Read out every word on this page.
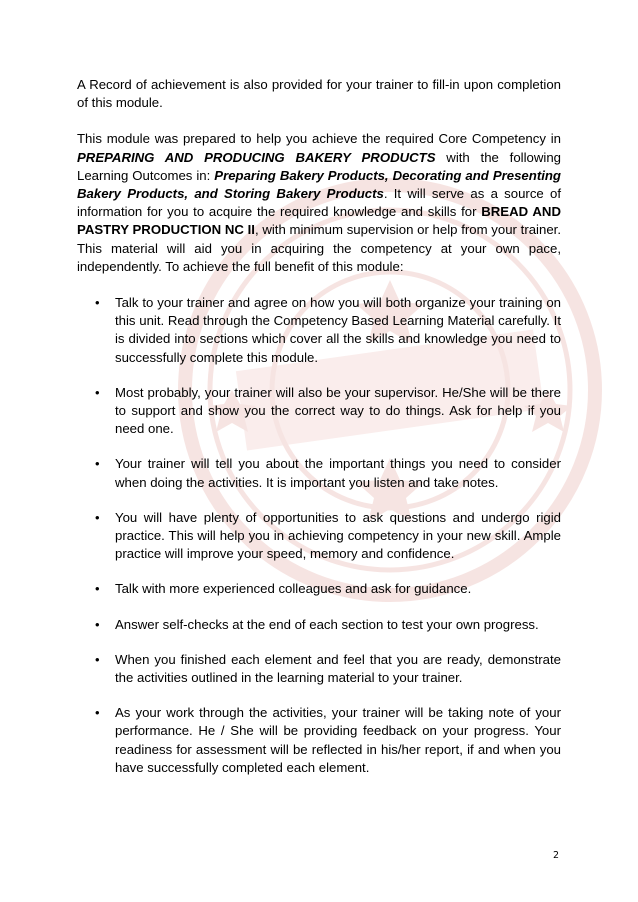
A Record of achievement is also provided for your trainer to fill-in upon completion of this module.

This module was prepared to help you achieve the required Core Competency in PREPARING AND PRODUCING BAKERY PRODUCTS with the following Learning Outcomes in: Preparing Bakery Products, Decorating and Presenting Bakery Products, and Storing Bakery Products. It will serve as a source of information for you to acquire the required knowledge and skills for BREAD AND PASTRY PRODUCTION NC II, with minimum supervision or help from your trainer. This material will aid you in acquiring the competency at your own pace, independently. To achieve the full benefit of this module:

• Talk to your trainer and agree on how you will both organize your training on this unit. Read through the Competency Based Learning Material carefully. It is divided into sections which cover all the skills and knowledge you need to successfully complete this module.
• Most probably, your trainer will also be your supervisor. He/She will be there to support and show you the correct way to do things. Ask for help if you need one.
• Your trainer will tell you about the important things you need to consider when doing the activities. It is important you listen and take notes.
• You will have plenty of opportunities to ask questions and undergo rigid practice. This will help you in achieving competency in your new skill. Ample practice will improve your speed, memory and confidence.
• Talk with more experienced colleagues and ask for guidance.
• Answer self-checks at the end of each section to test your own progress.
• When you finished each element and feel that you are ready, demonstrate the activities outlined in the learning material to your trainer.
• As your work through the activities, your trainer will be taking note of your performance. He / She will be providing feedback on your progress. Your readiness for assessment will be reflected in his/her report, if and when you have successfully completed each element.
2
